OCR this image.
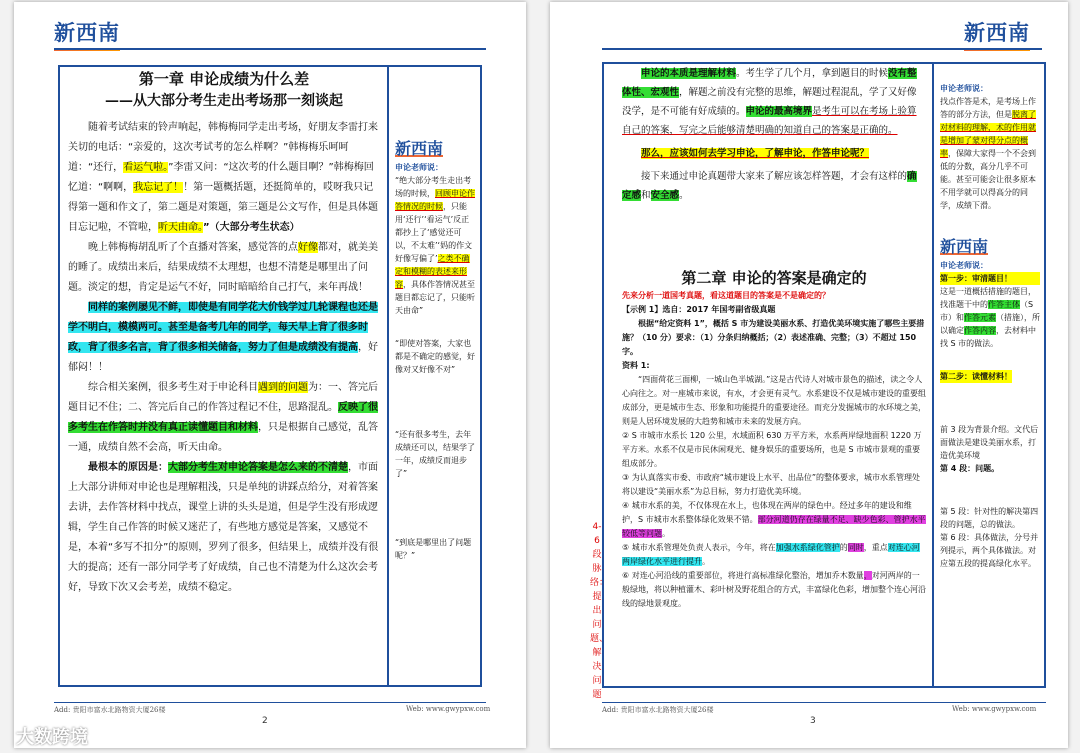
新西南
第一章 申论成绩为什么差
——从大部分考生走出考场那一刻谈起

随着考试结束的铃声响起，韩梅梅同学走出考场，好朋友李雷打来关切的电话：“亲爱的，这次考试考的怎么样啊？”韩梅梅乐呵呵道：“还行，看运气啦。”李雷又问：“这次考的什么题目啊？”韩梅梅回忆道：“啊啊，我忘记了！！第一题概括题，还挺简单的，哎呀我只记得第一题和作文了，第二题是对策题，第三题是公文写作，但是具体题目忘记啦，不管啦，听天由命。”（大部分考生状态）

晚上韩梅梅胡乱听了个直播对答案，感觉答的点好像都对，就美美的睡了。成绩出来后，结果成绩不太理想，也想不清楚是哪里出了问题。淡定的想，肯定是运气不好，同时暗暗给自己打气，来年再战！

同样的案例屡见不鲜，即使是有同学花大价钱学过几轮课程也还是学不明白，模模两可。甚至是备考几年的同学，每天早上背了很多时政，背了很多名言，背了很多相关储备，努力了但是成绩没有提高，好郁闷！！

综合相关案例，很多考生对于申论科目遇到的问题为：一、答完后题目记不住；二、答完后自己的作答过程记不住，思路混乱。反映了很多考生在作答时并没有真正读懂题目和材料，只是根据自己感觉，乱答一通，成绩自然不会高，听天由命。

最根本的原因是：大部分考生对申论答案是怎么来的不清楚，市面上大部分讲师对申论也是理解粗浅，只是单纯的讲踩点给分，对着答案去讲，去作答材料中找点，课堂上讲的头头是道，但是学生没有形成逻辑，学生自己作答的时候又迷茫了，有些地方感觉是答案，又感觉不是，本着“多写不扣分”的原则，罗列了很多，但结果上，成绩并没有很大的提高；还有一部分同学考了好成绩，自己也不清楚为什么这次会考好，导致下次又会考差，成绩不稳定。

新西南
申论老师说：
“绝大部分考生走出考场的时候，回顾申论作答情况的时候，只能用‘还行’‘看运气’反正都抄上了‘感觉还可以，不太难’‘妈的作文好像写偏了’之类不确定和模糊的表述来形容，具体作答情况甚至题目都忘记了，只能听天由命”
“即使对答案，大家也都是不确定的感觉，好像对又好像不对”
“还有很多考生，去年成绩还可以，结果学了一年，成绩反而退步了”
“到底是哪里出了问题呢？”
Add: 贵阳市富水北路物资大厦26楼
2
Web: www.gwypxw.com
新西南

申论的本质是理解材料。考生学了几个月，拿到题目的时候没有整体性、宏观性，解题之前没有完整的思维，解题过程混乱，学了又好像没学，是不可能有好成绩的。申论的最高境界是考生可以在考场上验算自己的答案，写完之后能够清楚明确的知道自己的答案是正确的。

那么，应该如何去学习申论，了解申论，作答申论呢？

接下来通过申论真题带大家来了解应该怎样答题，才会有这样的确定感和安全感。

第二章 申论的答案是确定的
先来分析一道国考真题，看这道题目的答案是不是确定的？
【示例 1】选自：2017 年国考副省级真题

根据“给定资料 1”，概括 S 市为建设美丽水系、打造优美环境实施了哪些主要措施？（10 分）要求：（1）分条归纳概括；（2）表述准确、完整；（3）不超过 150 字。

资料 1:

“四面荷花三面柳，一城山色半城湖。”这是古代诗人对城市景色的描述，读之令人心向往之。对一座城市来说，有水，才会更有灵气。水系建设不仅是城市建设的重要组成部分，更是城市生态、形象和功能提升的重要途径。而充分发掘城市的水环境之美，则是人居环境发展的大趋势和城市未来的发展方向。

② S 市城市水系长 120 公里，水域面积 630 万平方米，水系两岸绿地面积 1220 万平方米。水系不仅是市民休闲观光、健身娱乐的重要场所，也是 S 市城市景观的重要组成部分。

③ 为认真落实市委、市政府“城市建设上水平、出品位”的整体要求，城市水系管理处将以建设“美丽水系”为总目标，努力打造优美环境。

④ 城市水系的美，不仅体现在水上，也体现在两岸的绿色中。经过多年的建设和维护，S 市城市水系整体绿化效果不错。部分河道仍存在绿量不足、缺少色彩、管护水平较低等问题。

⑤ 城市水系管理处负责人表示，今年，将在加强水系绿化管护的同时，重点对连心河两岸绿化水平进行提升。

⑥ 对连心河沿线的重要部位，将进行高标准绿化整治，增加乔木数量，对河两岸的一般绿地，将以种植灌木、彩叶树及野花组合的方式，丰富绿化色彩，增加整个连心河沿线的绿地景观度。

4-6段脉络：提出问题、解决问题
申论老师说：
找点作答是术，是考场上作答的部分方法，但是脱离了对材料的理解，术的作用就是增加了蒙对得分点的概率，保障大家得一个不会到低的分数，高分几乎不可能。甚至可能会让很多原本不用学就可以得高分的同学，成绩下滑。
新西南
申论老师说：
第一步：审清题目！
这是一道概括措施的题目，找准题干中的作答主体（S 市）和作答元素（措施），所以确定作答内容，去材料中找 S 市的做法。
第二步：读懂材料！
前 3 段为背景介绍。文代后面做法是建设美丽水系，打造优美环境
第 4 段：问题。
第 5 段：针对性的解决第四段的问题，总的做法。
第 6 段：具体做法，分号并列提示，两个具体做法。对应第五段的提高绿化水平。
Add: 贵阳市富水北路物资大厦26楼
3
Web: www.gwypxw.com
大数跨境
